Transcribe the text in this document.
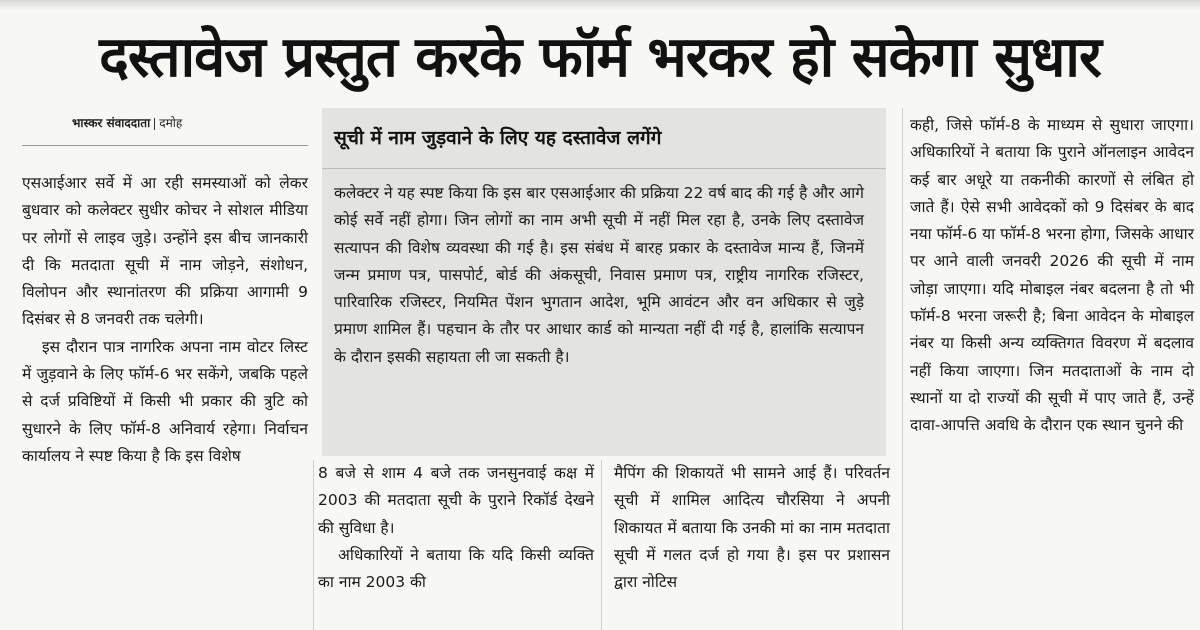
दस्तावेज प्रस्तुत करके फॉर्म भरकर हो सकेगा सुधार
भास्कर संवाददाता दमोह

एसआईआर सर्वे में आ रही समस्याओं को लेकर बुधवार को कलेक्टर सुधीर कोचर ने सोशल मीडिया पर लोगों से लाइव जुड़े। उन्होंने इस बीच जानकारी दी कि मतदाता सूची में नाम जोड़ने, संशोधन, विलोपन और स्थानांतरण की प्रक्रिया आगामी 9 दिसंबर से 8 जनवरी तक चलेगी।

इस दौरान पात्र नागरिक अपना नाम वोटर लिस्ट में जुड़वाने के लिए फॉर्म-6 भर सकेंगे, जबकि पहले से दर्ज प्रविष्टियों में किसी भी प्रकार की त्रुटि को सुधारने के लिए फॉर्म-8 अनिवार्य रहेगा। निर्वाचन कार्यालय ने स्पष्ट किया है कि इस विशेष

सूची में नाम जुड़वाने के लिए यह दस्तावेज लगेंगे
कलेक्टर ने यह स्पष्ट किया कि इस बार एसआईआर की प्रक्रिया 22 वर्ष बाद की गई है और आगे कोई सर्वे नहीं होगा। जिन लोगों का नाम अभी सूची में नहीं मिल रहा है, उनके लिए दस्तावेज सत्यापन की विशेष व्यवस्था की गई है। इस संबंध में बारह प्रकार के दस्तावेज मान्य हैं, जिनमें जन्म प्रमाण पत्र, पासपोर्ट, बोर्ड की अंकसूची, निवास प्रमाण पत्र, राष्ट्रीय नागरिक रजिस्टर, पारिवारिक रजिस्टर, नियमित पेंशन भुगतान आदेश, भूमि आवंटन और वन अधिकार से जुड़े प्रमाण शामिल हैं। पहचान के तौर पर आधार कार्ड को मान्यता नहीं दी गई है, हालांकि सत्यापन के दौरान इसकी सहायता ली जा सकती है।

8 बजे से शाम 4 बजे तक जनसुनवाई कक्ष में 2003 की मतदाता सूची के पुराने रिकॉर्ड देखने की सुविधा है।

अधिकारियों ने बताया कि यदि किसी व्यक्ति का नाम 2003 की

मैपिंग की शिकायतें भी सामने आई हैं। परिवर्तन सूची में शामिल आदित्य चौरसिया ने अपनी शिकायत में बताया कि उनकी मां का नाम मतदाता सूची में गलत दर्ज हो गया है। इस पर प्रशासन द्वारा नोटिस

कही, जिसे फॉर्म-8 के माध्यम से सुधारा जाएगा। अधिकारियों ने बताया कि पुराने ऑनलाइन आवेदन कई बार अधूरे या तकनीकी कारणों से लंबित हो जाते हैं। ऐसे सभी आवेदकों को 9 दिसंबर के बाद नया फॉर्म-6 या फॉर्म-8 भरना होगा, जिसके आधार पर आने वाली जनवरी 2026 की सूची में नाम जोड़ा जाएगा। यदि मोबाइल नंबर बदलना है तो भी फॉर्म-8 भरना जरूरी है; बिना आवेदन के मोबाइल नंबर या किसी अन्य व्यक्तिगत विवरण में बदलाव नहीं किया जाएगा। जिन मतदाताओं के नाम दो स्थानों या दो राज्यों की सूची में पाए जाते हैं, उन्हें दावा-आपत्ति अवधि के दौरान एक स्थान चुनने की
